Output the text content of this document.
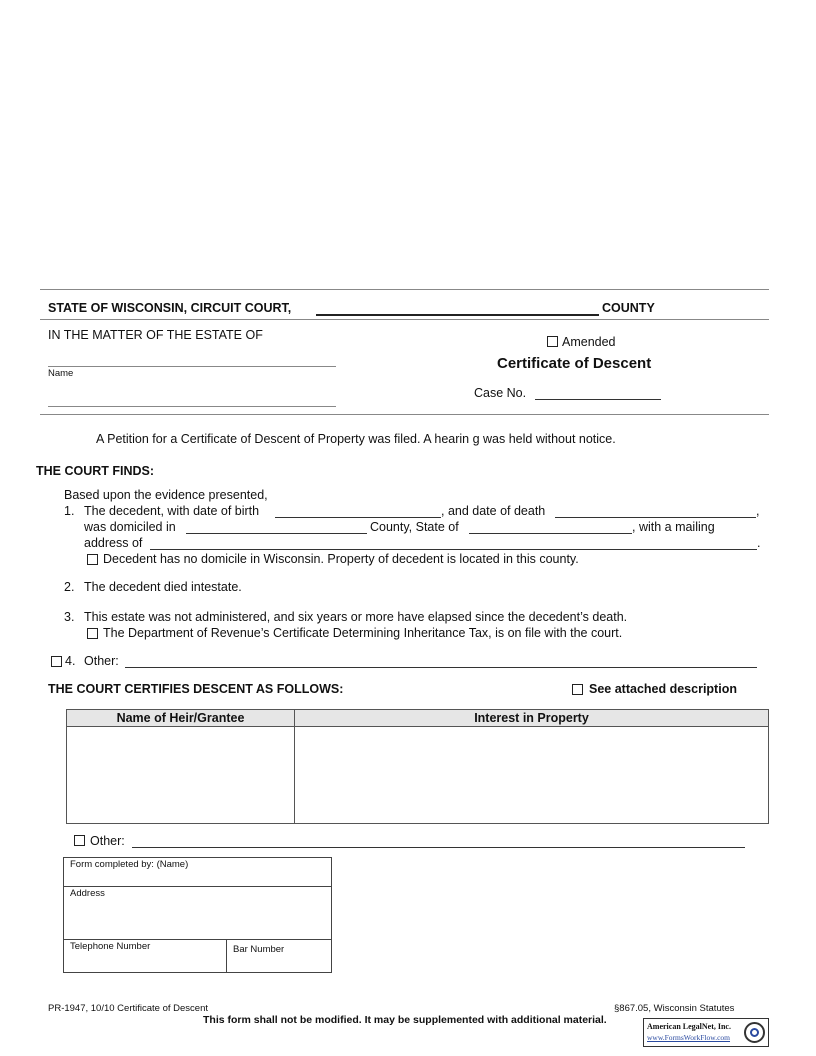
STATE OF WISCONSIN, CIRCUIT COURT,	COUNTY
IN THE MATTER OF THE ESTATE OF
Name
Amended
Certificate of Descent
Case No.
A Petition for a Certificate of Descent of Property was filed. A hearin g was held without notice.
THE COURT FINDS:
Based upon the evidence presented,
1. The decedent, with date of birth	, and date of death	,
was domiciled in	County, State of	, with a mailing
address of	.
Decedent has no domicile in Wisconsin. Property of decedent is located in this county.
2. The decedent died intestate.
3. This estate was not administered, and six years or more have elapsed since the decedent’s death.
The Department of Revenue’s Certificate Determining Inheritance Tax, is on file with the court.
4. Other:
THE COURT CERTIFIES DESCENT AS FOLLOWS:	See attached description
Name of Heir/Grantee	Interest in Property

Other:
Form completed by: (Name)
Address
Telephone Number	Bar Number
PR-1947, 10/10 Certificate of Descent	§867.05, Wisconsin Statutes
This form shall not be modified. It may be supplemented with additional material.
American LegalNet, Inc.
www.FormsWorkFlow.com
